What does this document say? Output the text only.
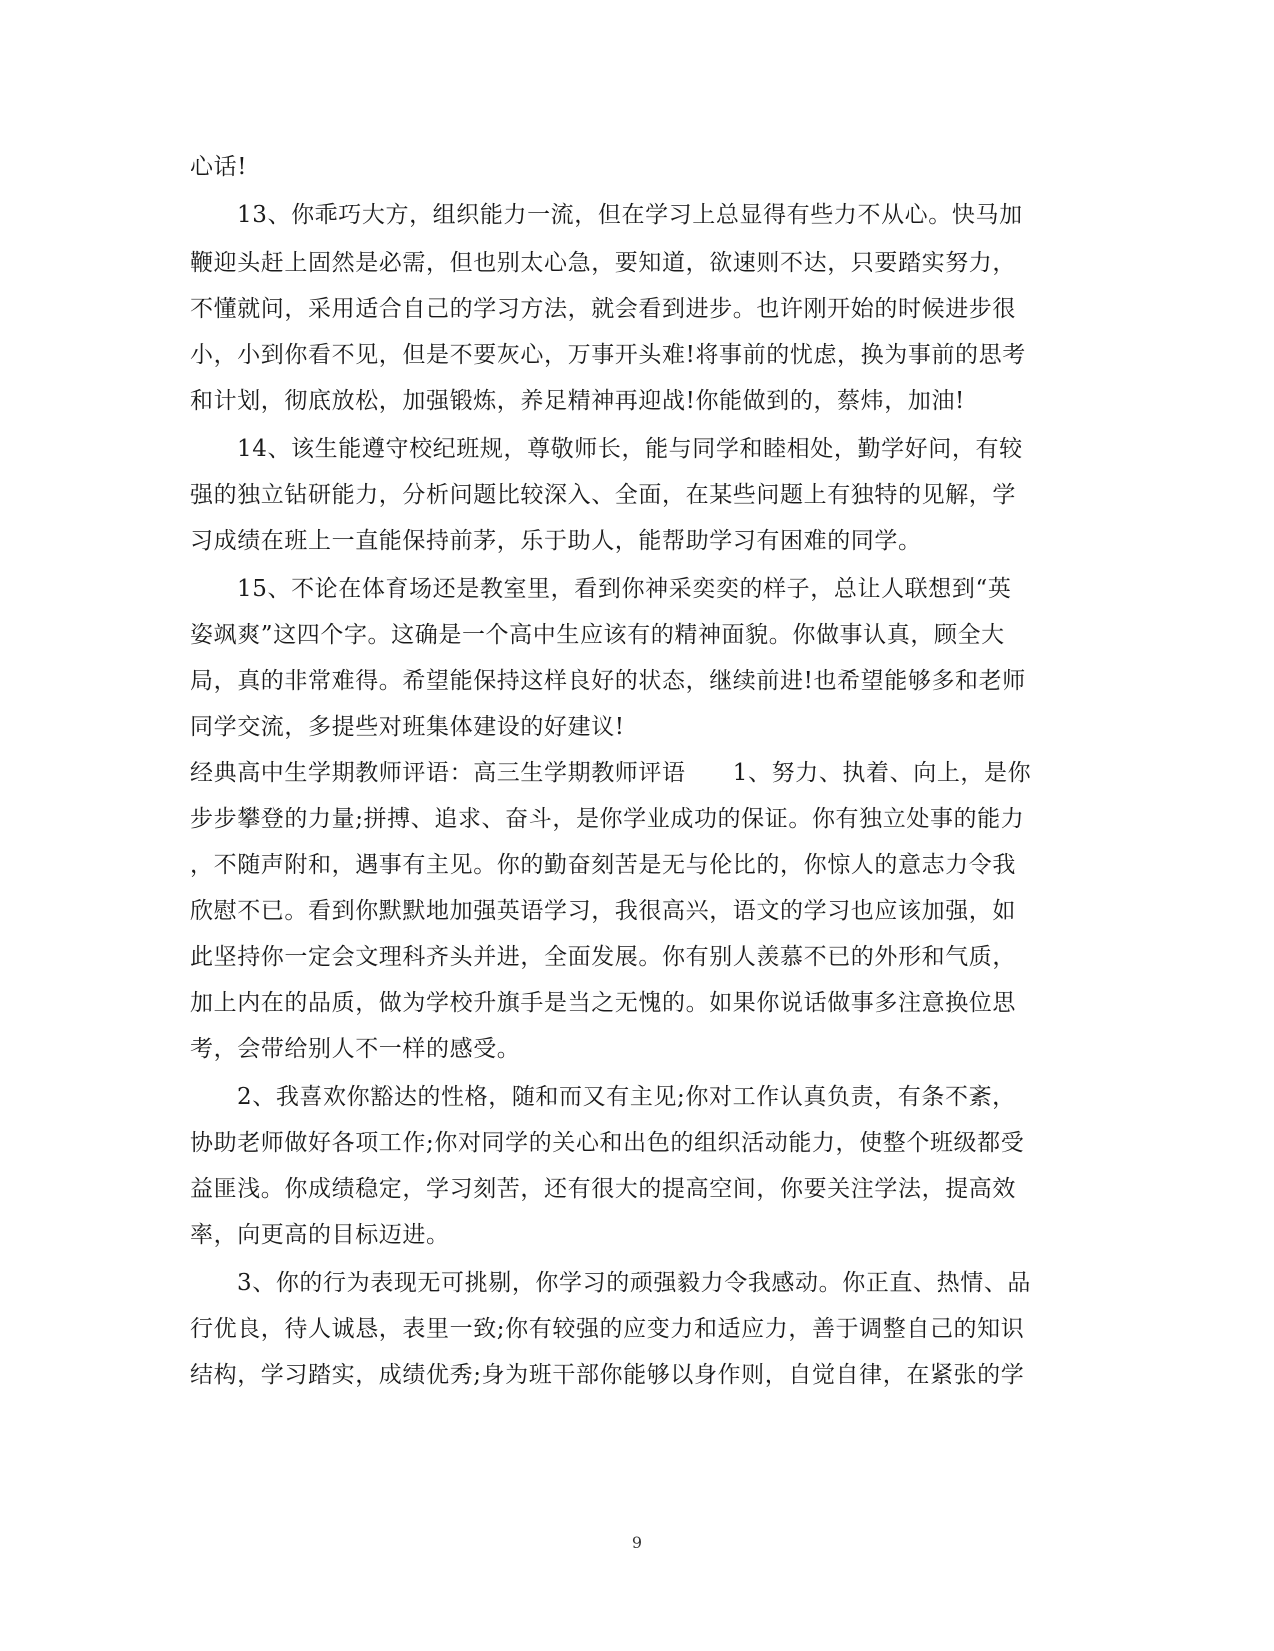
心话!
13、你乖巧大方，组织能力一流，但在学习上总显得有些力不从心。快马加
鞭迎头赶上固然是必需，但也别太心急，要知道，欲速则不达，只要踏实努力，
不懂就问，采用适合自己的学习方法，就会看到进步。也许刚开始的时候进步很
小，小到你看不见，但是不要灰心，万事开头难!将事前的忧虑，换为事前的思考
和计划，彻底放松，加强锻炼，养足精神再迎战!你能做到的，蔡炜，加油!
14、该生能遵守校纪班规，尊敬师长，能与同学和睦相处，勤学好问，有较
强的独立钻研能力，分析问题比较深入、全面，在某些问题上有独特的见解，学
习成绩在班上一直能保持前茅，乐于助人，能帮助学习有困难的同学。
15、不论在体育场还是教室里，看到你神采奕奕的样子，总让人联想到“英
姿飒爽”这四个字。这确是一个高中生应该有的精神面貌。你做事认真，顾全大
局，真的非常难得。希望能保持这样良好的状态，继续前进!也希望能够多和老师
同学交流，多提些对班集体建设的好建议!
经典高中生学期教师评语：高三生学期教师评语　　1、努力、执着、向上，是你
步步攀登的力量;拼搏、追求、奋斗，是你学业成功的保证。你有独立处事的能力
，不随声附和，遇事有主见。你的勤奋刻苦是无与伦比的，你惊人的意志力令我
欣慰不已。看到你默默地加强英语学习，我很高兴，语文的学习也应该加强，如
此坚持你一定会文理科齐头并进，全面发展。你有别人羡慕不已的外形和气质，
加上内在的品质，做为学校升旗手是当之无愧的。如果你说话做事多注意换位思
考，会带给别人不一样的感受。
2、我喜欢你豁达的性格，随和而又有主见;你对工作认真负责，有条不紊，
协助老师做好各项工作;你对同学的关心和出色的组织活动能力，使整个班级都受
益匪浅。你成绩稳定，学习刻苦，还有很大的提高空间，你要关注学法，提高效
率，向更高的目标迈进。
3、你的行为表现无可挑剔，你学习的顽强毅力令我感动。你正直、热情、品
行优良，待人诚恳，表里一致;你有较强的应变力和适应力，善于调整自己的知识
结构，学习踏实，成绩优秀;身为班干部你能够以身作则，自觉自律，在紧张的学
9
